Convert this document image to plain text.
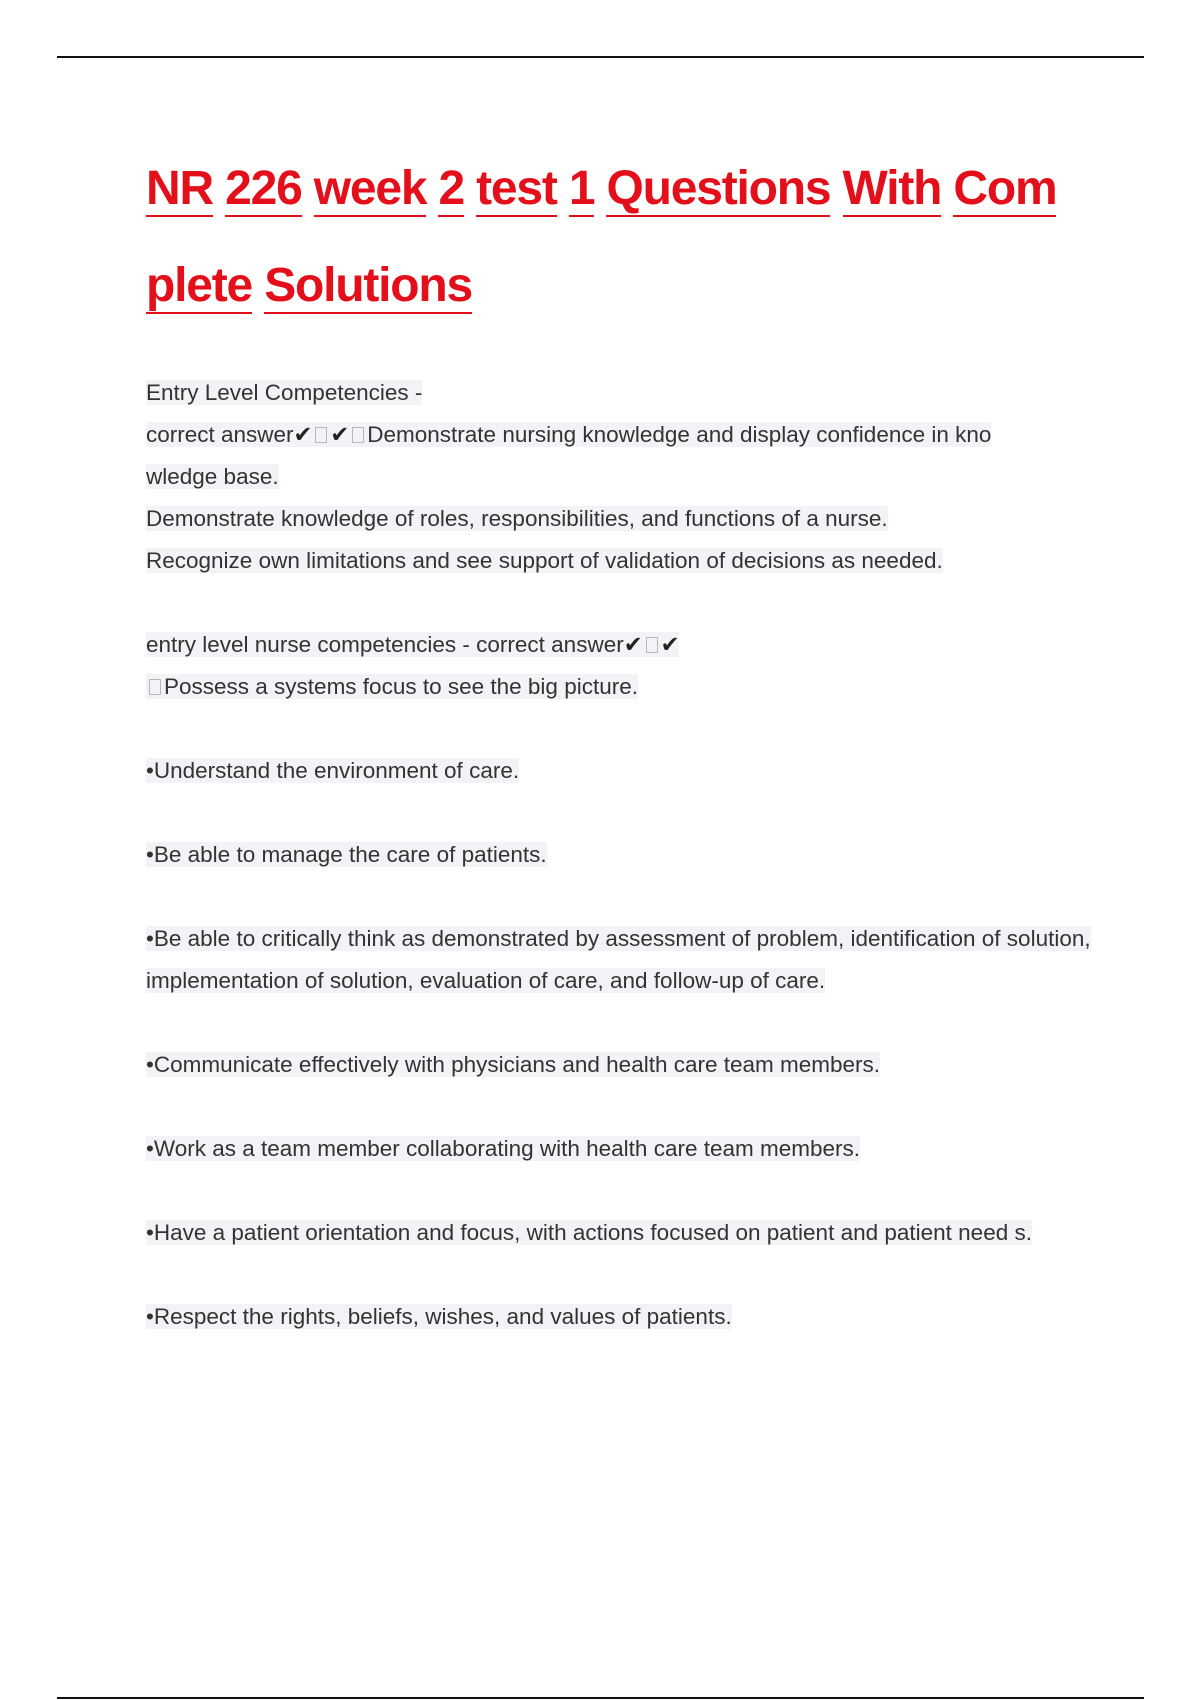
NR 226 week 2 test 1 Questions With Com
plete Solutions

Entry Level Competencies -

correct answer✔ ✔ Demonstrate nursing knowledge and display confidence in kno

wledge base.

Demonstrate knowledge of roles, responsibilities, and functions of a nurse.

Recognize own limitations and see support of validation of decisions as needed.

entry level nurse competencies - correct answer✔ ✔

Possess a systems focus to see the big picture.

•Understand the environment of care.

•Be able to manage the care of patients.

•Be able to critically think as demonstrated by assessment of problem, identification of solution, implementation of solution, evaluation of care, and follow-up of care.

•Communicate effectively with physicians and health care team members.

•Work as a team member collaborating with health care team members.

•Have a patient orientation and focus, with actions focused on patient and patient need s.

•Respect the rights, beliefs, wishes, and values of patients.
